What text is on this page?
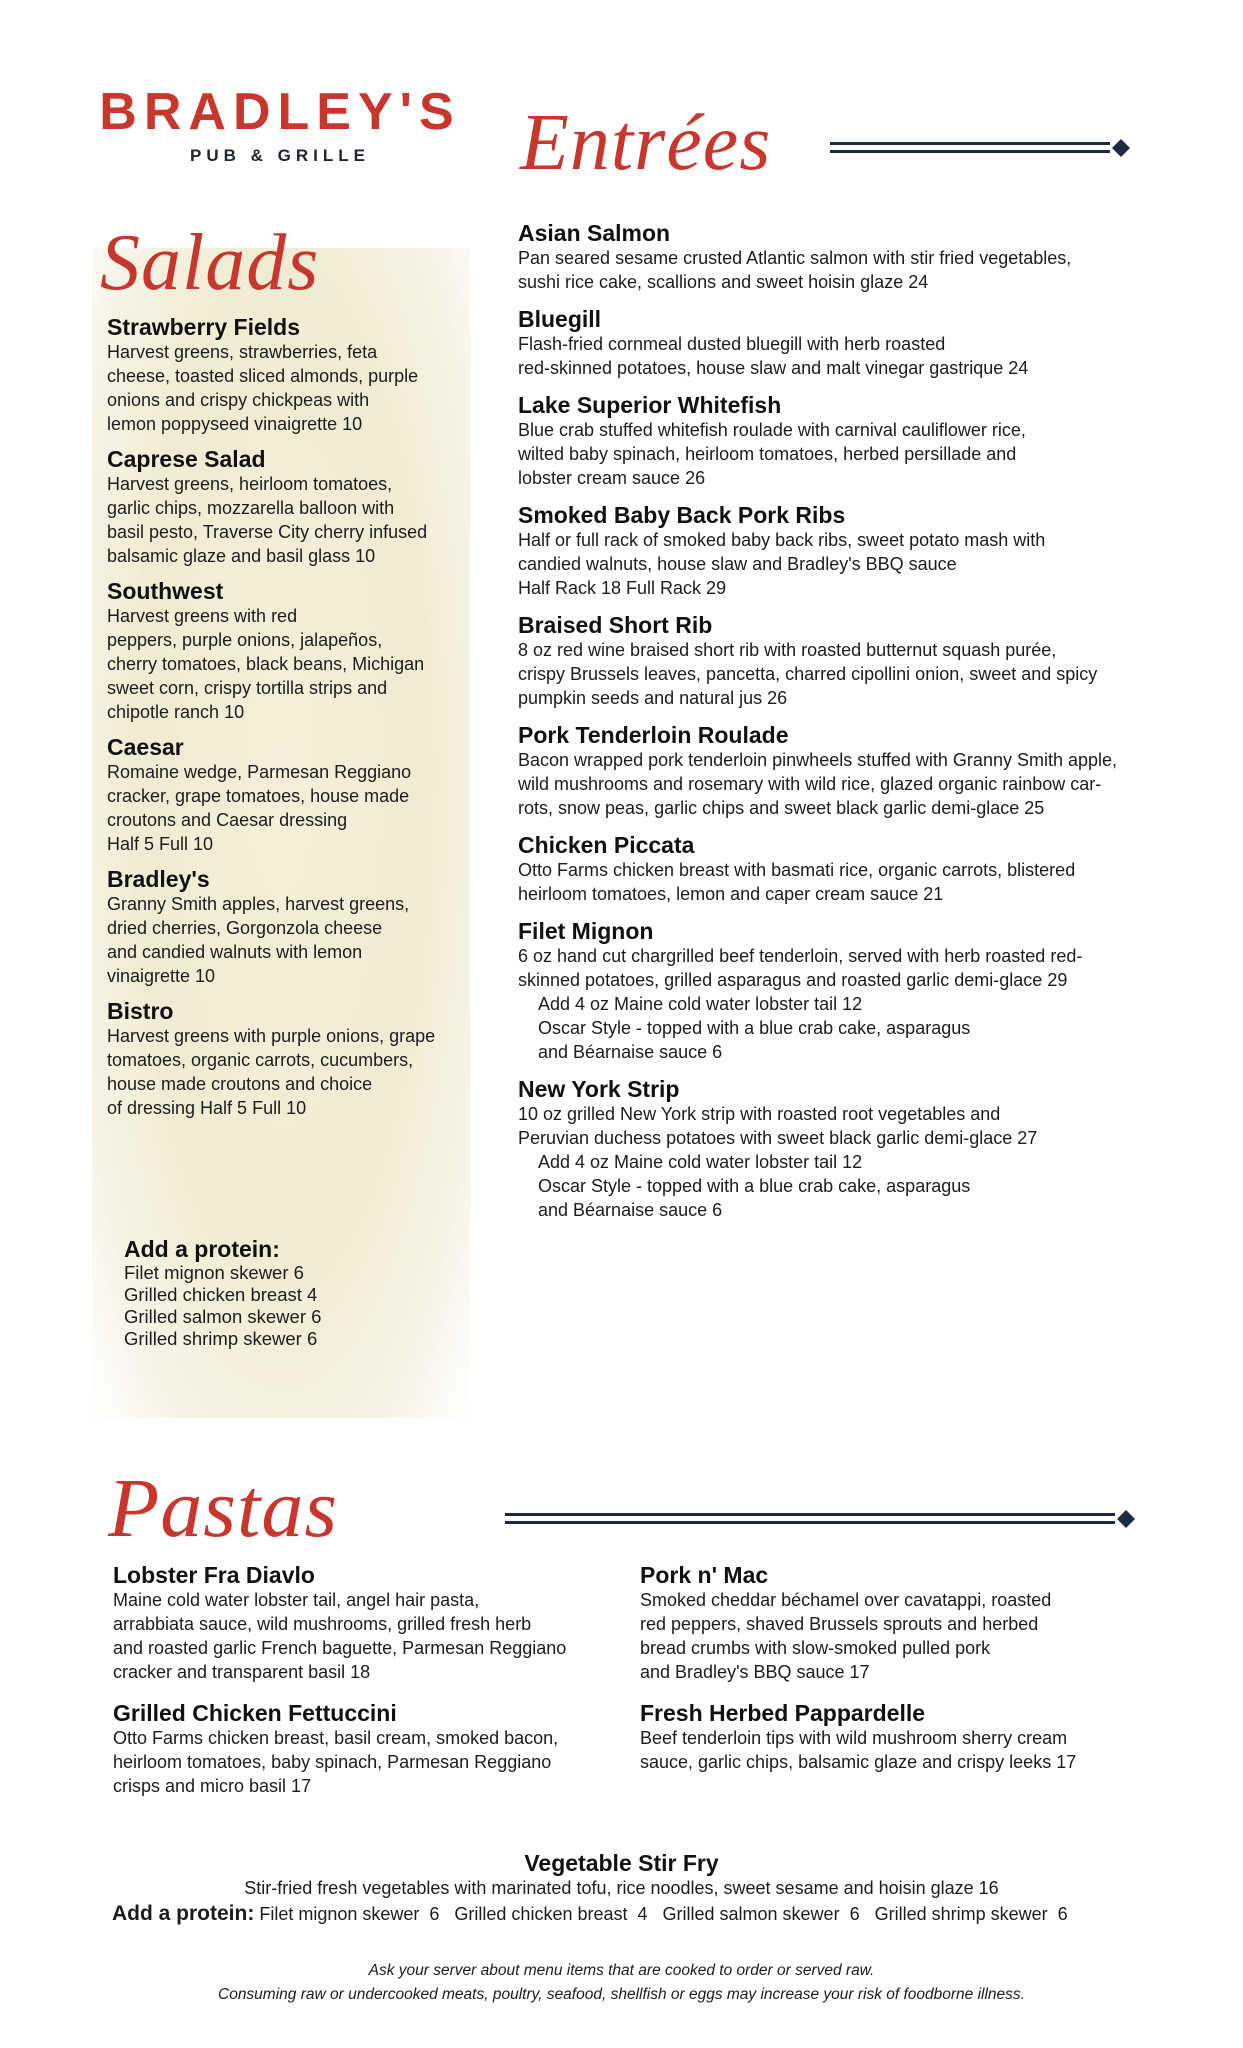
BRADLEY'S
PUB & GRILLE	Entrées
Salads
Strawberry Fields

Harvest greens, strawberries, feta
cheese, toasted sliced almonds, purple
onions and crispy chickpeas with
lemon poppyseed vinaigrette 10

Caprese Salad

Harvest greens, heirloom tomatoes,
garlic chips, mozzarella balloon with
basil pesto, Traverse City cherry infused
balsamic glaze and basil glass 10

Southwest

Harvest greens with red
peppers, purple onions, jalapeños,
cherry tomatoes, black beans, Michigan
sweet corn, crispy tortilla strips and
chipotle ranch 10

Caesar

Romaine wedge, Parmesan Reggiano
cracker, grape tomatoes, house made
croutons and Caesar dressing
Half 5 Full 10

Bradley's

Granny Smith apples, harvest greens,
dried cherries, Gorgonzola cheese
and candied walnuts with lemon
vinaigrette 10

Bistro

Harvest greens with purple onions, grape
tomatoes, organic carrots, cucumbers,
house made croutons and choice
of dressing Half 5 Full 10

Add a protein:

Filet mignon skewer 6
Grilled chicken breast 4
Grilled salmon skewer 6
Grilled shrimp skewer 6

Asian Salmon

Pan seared sesame crusted Atlantic salmon with stir fried vegetables,
sushi rice cake, scallions and sweet hoisin glaze 24

Bluegill

Flash-fried cornmeal dusted bluegill with herb roasted
red-skinned potatoes, house slaw and malt vinegar gastrique 24

Lake Superior Whitefish

Blue crab stuffed whitefish roulade with carnival cauliflower rice,
wilted baby spinach, heirloom tomatoes, herbed persillade and
lobster cream sauce 26

Smoked Baby Back Pork Ribs

Half or full rack of smoked baby back ribs, sweet potato mash with
candied walnuts, house slaw and Bradley's BBQ sauce
Half Rack 18 Full Rack 29

Braised Short Rib

8 oz red wine braised short rib with roasted butternut squash purée,
crispy Brussels leaves, pancetta, charred cipollini onion, sweet and spicy
pumpkin seeds and natural jus 26

Pork Tenderloin Roulade

Bacon wrapped pork tenderloin pinwheels stuffed with Granny Smith apple,
wild mushrooms and rosemary with wild rice, glazed organic rainbow car-
rots, snow peas, garlic chips and sweet black garlic demi-glace 25

Chicken Piccata

Otto Farms chicken breast with basmati rice, organic carrots, blistered
heirloom tomatoes, lemon and caper cream sauce 21

Filet Mignon

6 oz hand cut chargrilled beef tenderloin, served with herb roasted red-
skinned potatoes, grilled asparagus and roasted garlic demi-glace 29
Add 4 oz Maine cold water lobster tail 12
Oscar Style - topped with a blue crab cake, asparagus
and Béarnaise sauce 6

New York Strip

10 oz grilled New York strip with roasted root vegetables and
Peruvian duchess potatoes with sweet black garlic demi-glace 27
Add 4 oz Maine cold water lobster tail 12
Oscar Style - topped with a blue crab cake, asparagus
and Béarnaise sauce 6

Pastas
Lobster Fra Diavlo

Maine cold water lobster tail, angel hair pasta,
arrabbiata sauce, wild mushrooms, grilled fresh herb
and roasted garlic French baguette, Parmesan Reggiano
cracker and transparent basil 18

Grilled Chicken Fettuccini

Otto Farms chicken breast, basil cream, smoked bacon,
heirloom tomatoes, baby spinach, Parmesan Reggiano
crisps and micro basil 17

Pork n' Mac

Smoked cheddar béchamel over cavatappi, roasted
red peppers, shaved Brussels sprouts and herbed
bread crumbs with slow-smoked pulled pork
and Bradley's BBQ sauce 17

Fresh Herbed Pappardelle

Beef tenderloin tips with wild mushroom sherry cream
sauce, garlic chips, balsamic glaze and crispy leeks 17

Vegetable Stir Fry

Stir-fried fresh vegetables with marinated tofu, rice noodles, sweet sesame and hoisin glaze 16

Add a protein: Filet mignon skewer  6   Grilled chicken breast  4   Grilled salmon skewer  6   Grilled shrimp skewer  6
Ask your server about menu items that are cooked to order or served raw.
Consuming raw or undercooked meats, poultry, seafood, shellfish or eggs may increase your risk of foodborne illness.
